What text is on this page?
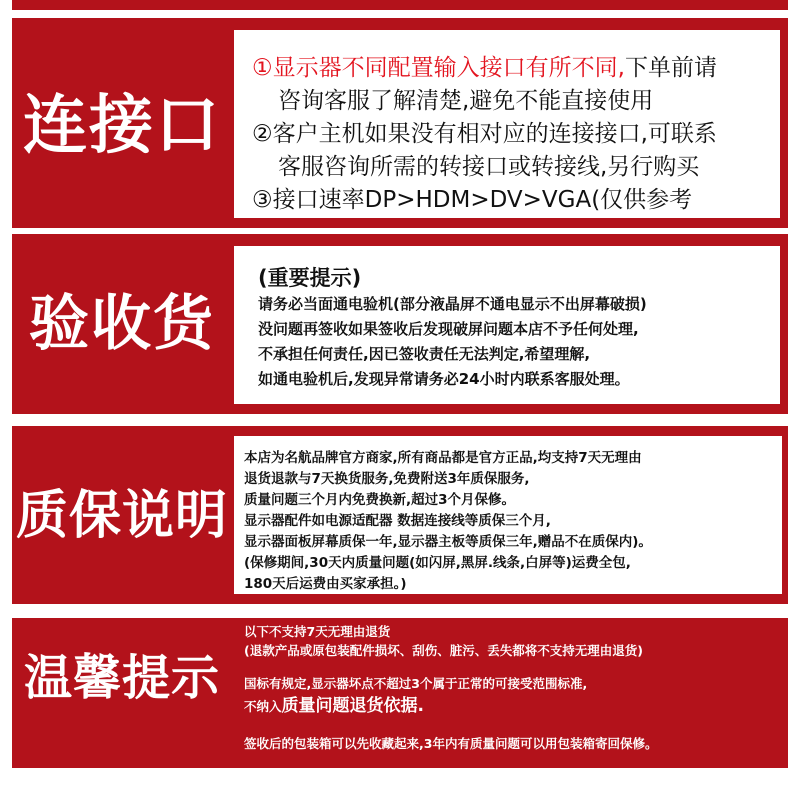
连接口
①显示器不同配置输入接口有所不同,下单前请
咨询客服了解清楚,避免不能直接使用
②客户主机如果没有相对应的连接接口,可联系
客服咨询所需的转接口或转接线,另行购买
③接口速率DP>HDM>DV>VGA(仅供参考
验收货
(重要提示)
请务必当面通电验机(部分液晶屏不通电显示不出屏幕破损)
没问题再签收如果签收后发现破屏问题本店不予任何处理,
不承担任何责任,因已签收责任无法判定,希望理解,
如通电验机后,发现异常请务必24小时内联系客服处理。
质保说明
本店为名航品牌官方商家,所有商品都是官方正品,均支持7天无理由
退货退款与7天换货服务,免费附送3年质保服务,
质量问题三个月内免费换新,超过3个月保修。
显示器配件如电源适配器 数据连接线等质保三个月,
显示器面板屏幕质保一年,显示器主板等质保三年,赠品不在质保内)。
(保修期间,30天内质量问题(如闪屏,黑屏.线条,白屏等)运费全包,
180天后运费由买家承担。)
温馨提示
以下不支持7天无理由退货
(退款产品或原包装配件损坏、刮伤、脏污、丢失都将不支持无理由退货)
国标有规定,显示器坏点不超过3个属于正常的可接受范围标准,
不纳入质量问题退货依据.
签收后的包装箱可以先收藏起来,3年内有质量问题可以用包装箱寄回保修。
